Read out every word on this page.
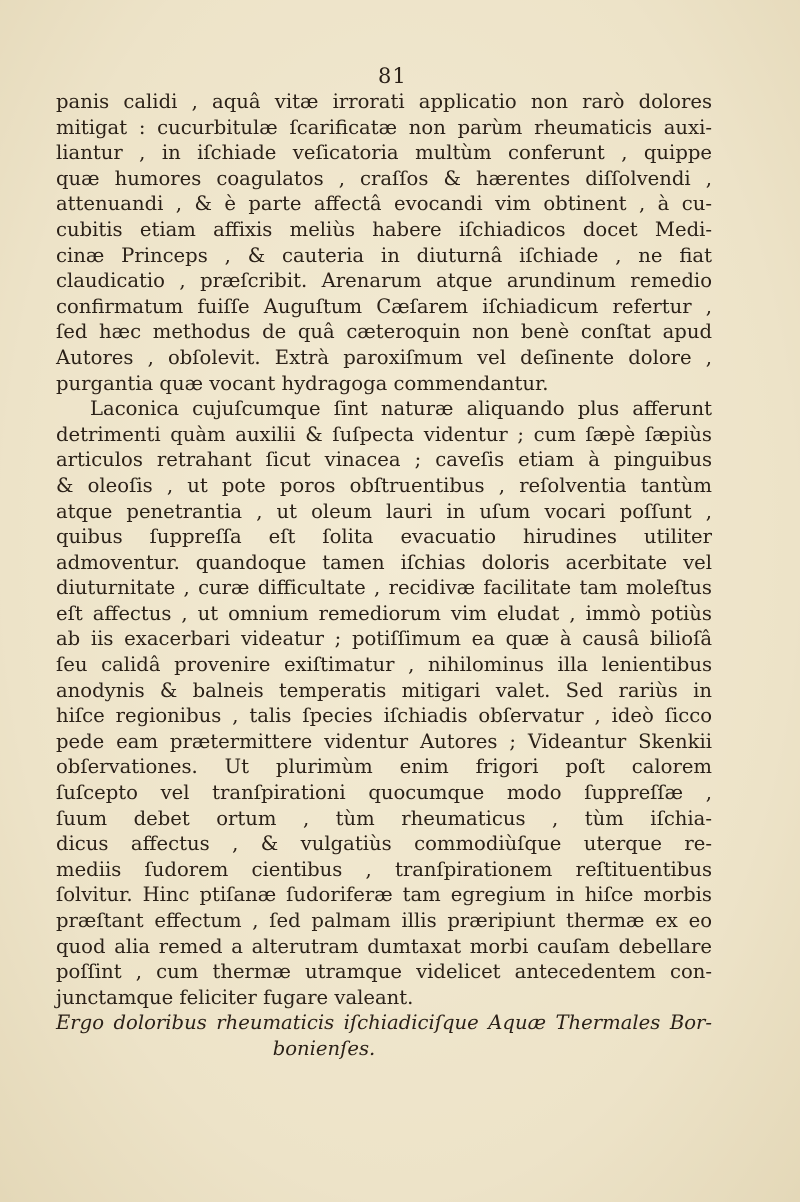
81
panis calidi , aquâ vitæ irrorati applicatio non rarò dolores
mitigat : cucurbitulæ ſcarificatæ non parùm rheumaticis auxi-
liantur , in iſchiade veſicatoria multùm conferunt , quippe
quæ humores coagulatos , craſſos & hærentes diſſolvendi ,
attenuandi , & è parte affectâ evocandi vim obtinent , à cu-
cubitis etiam affixis meliùs habere iſchiadicos docet Medi-
cinæ Princeps , & cauteria in diuturnâ iſchiade , ne fiat
claudicatio , præſcribit. Arenarum atque arundinum remedio
confirmatum fuiſſe Auguſtum Cæſarem iſchiadicum refertur ,
ſed hæc methodus de quâ cæteroquin non benè conſtat apud
Autores , obſolevit. Extrà paroxiſmum vel deſinente dolore ,
purgantia quæ vocant hydragoga commendantur.
Laconica cujuſcumque ſint naturæ aliquando plus afferunt
detrimenti quàm auxilii & ſuſpecta videntur ; cum ſæpè ſæpiùs
articulos retrahant ſicut vinacea ; caveſis etiam à pinguibus
& oleoſis , ut pote poros obſtruentibus , reſolventia tantùm
atque penetrantia , ut oleum lauri in uſum vocari poſſunt ,
quibus ſuppreſſa eſt ſolita evacuatio hirudines utiliter
admoventur. quandoque tamen iſchias doloris acerbitate vel
diuturnitate , curæ difficultate , recidivæ facilitate tam moleſtus
eſt affectus , ut omnium remediorum vim eludat , immò potiùs
ab iis exacerbari videatur ; potiſſimum ea quæ à causâ bilioſâ
ſeu calidâ provenire exiſtimatur , nihilominus illa lenientibus
anodynis & balneis temperatis mitigari valet. Sed rariùs in
hiſce regionibus , talis ſpecies iſchiadis obſervatur , ideò ſicco
pede eam prætermittere videntur Autores ; Videantur Skenkii
obſervationes. Ut plurimùm enim frigori poſt calorem
ſuſcepto vel tranſpirationi quocumque modo ſuppreſſæ ,
ſuum debet ortum , tùm rheumaticus , tùm iſchia-
dicus affectus , & vulgatiùs commodiùſque uterque re-
mediis ſudorem cientibus , tranſpirationem reſtituentibus
ſolvitur. Hinc ptiſanæ ſudoriferæ tam egregium in hiſce morbis
præſtant effectum , ſed palmam illis præripiunt thermæ ex eo
quod alia remed a alterutram dumtaxat morbi cauſam debellare
poſſint , cum thermæ utramque videlicet antecedentem con-
junctamque feliciter fugare valeant.
Ergo doloribus rheumaticis iſchiadiciſque Aquæ Thermales Bor-
bonienſes.
